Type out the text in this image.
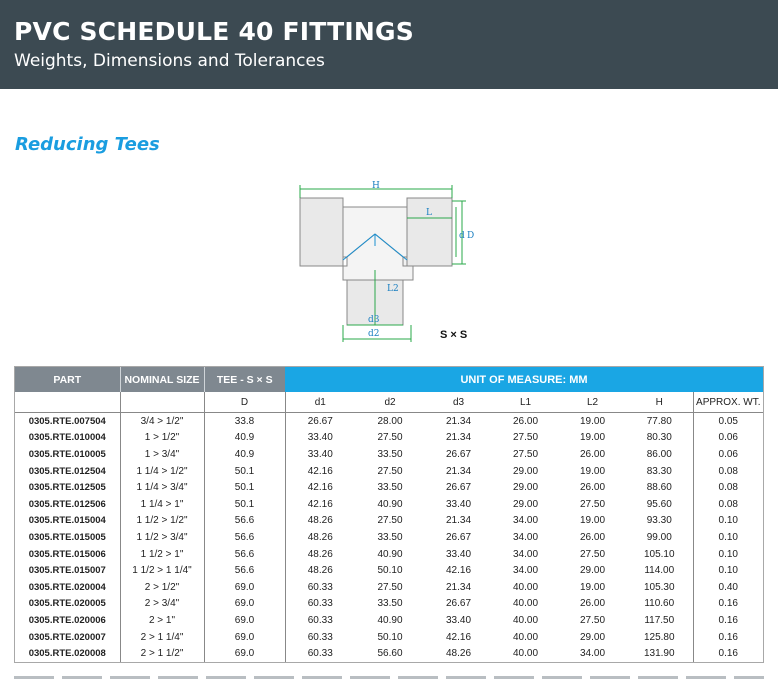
PVC SCHEDULE 40 FITTINGS
Weights, Dimensions and Tolerances
Reducing Tees
H
L
d D
L2
d3
d2	S × S
PART	NOMINAL SIZE	TEE - S × S	UNIT OF MEASURE: MM						
		D	d1	d2	d3	L1	L2	H	APPROX. WT.
0305.RTE.007504	3/4 > 1/2"	33.8	26.67	28.00	21.34	26.00	19.00	77.80	0.05
0305.RTE.010004	1 > 1/2"	40.9	33.40	27.50	21.34	27.50	19.00	80.30	0.06
0305.RTE.010005	1 > 3/4"	40.9	33.40	33.50	26.67	27.50	26.00	86.00	0.06
0305.RTE.012504	1 1/4 > 1/2"	50.1	42.16	27.50	21.34	29.00	19.00	83.30	0.08
0305.RTE.012505	1 1/4 > 3/4"	50.1	42.16	33.50	26.67	29.00	26.00	88.60	0.08
0305.RTE.012506	1 1/4 > 1"	50.1	42.16	40.90	33.40	29.00	27.50	95.60	0.08
0305.RTE.015004	1 1/2 > 1/2"	56.6	48.26	27.50	21.34	34.00	19.00	93.30	0.10
0305.RTE.015005	1 1/2 > 3/4"	56.6	48.26	33.50	26.67	34.00	26.00	99.00	0.10
0305.RTE.015006	1 1/2 > 1"	56.6	48.26	40.90	33.40	34.00	27.50	105.10	0.10
0305.RTE.015007	1 1/2 > 1 1/4"	56.6	48.26	50.10	42.16	34.00	29.00	114.00	0.10
0305.RTE.020004	2 > 1/2"	69.0	60.33	27.50	21.34	40.00	19.00	105.30	0.40
0305.RTE.020005	2 > 3/4"	69.0	60.33	33.50	26.67	40.00	26.00	110.60	0.16
0305.RTE.020006	2 > 1"	69.0	60.33	40.90	33.40	40.00	27.50	117.50	0.16
0305.RTE.020007	2 > 1 1/4"	69.0	60.33	50.10	42.16	40.00	29.00	125.80	0.16
0305.RTE.020008	2 > 1 1/2"	69.0	60.33	56.60	48.26	40.00	34.00	131.90	0.16
